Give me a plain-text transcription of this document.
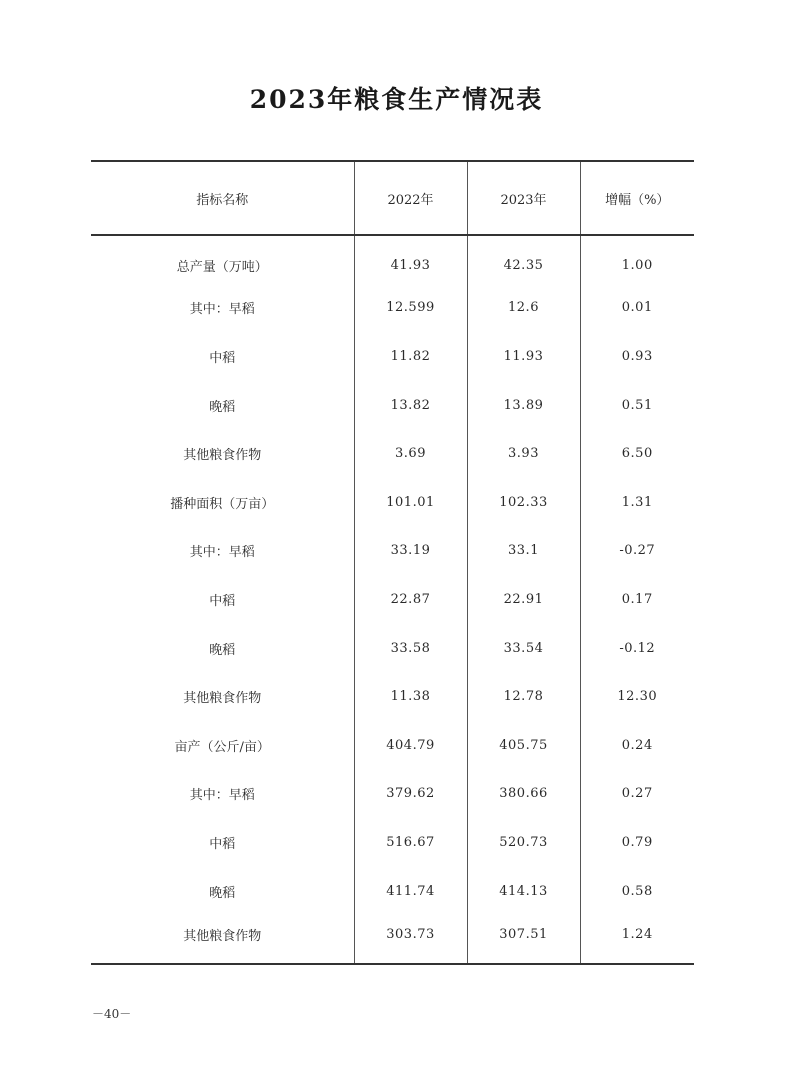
2023年粮食生产情况表
指标名称	2022年	2023年	增幅（%）
总产量（万吨）	41.93	42.35	1.00
其中：早稻	12.599	12.6	0.01
中稻	11.82	11.93	0.93
晚稻	13.82	13.89	0.51
其他粮食作物	3.69	3.93	6.50
播种面积（万亩）	101.01	102.33	1.31
其中：早稻	33.19	33.1	-0.27
中稻	22.87	22.91	0.17
晚稻	33.58	33.54	-0.12
其他粮食作物	11.38	12.78	12.30
亩产（公斤/亩）	404.79	405.75	0.24
其中：早稻	379.62	380.66	0.27
中稻	516.67	520.73	0.79
晚稻	411.74	414.13	0.58
其他粮食作物	303.73	307.51	1.24
－40－
